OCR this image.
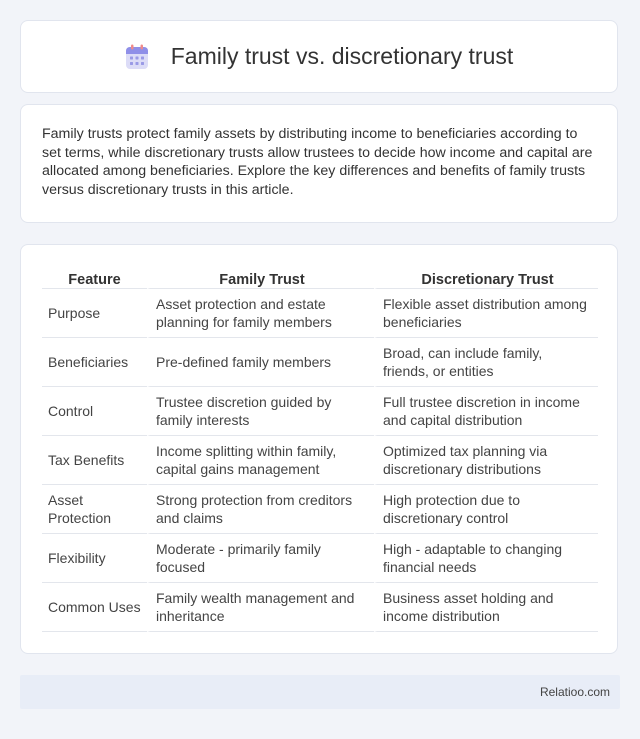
Family trust vs. discretionary trust

Family trusts protect family assets by distributing income to beneficiaries according to set terms, while discretionary trusts allow trustees to decide how income and capital are allocated among beneficiaries. Explore the key differences and benefits of family trusts versus discretionary trusts in this article.

Feature	Family Trust	Discretionary Trust
Purpose	Asset protection and estate planning for family members	Flexible asset distribution among beneficiaries
Beneficiaries	Pre-defined family members	Broad, can include family, friends, or entities
Control	Trustee discretion guided by family interests	Full trustee discretion in income and capital distribution
Tax Benefits	Income splitting within family, capital gains management	Optimized tax planning via discretionary distributions
Asset Protection	Strong protection from creditors and claims	High protection due to discretionary control
Flexibility	Moderate - primarily family focused	High - adaptable to changing financial needs
Common Uses	Family wealth management and inheritance	Business asset holding and income distribution
Relatioo.com
